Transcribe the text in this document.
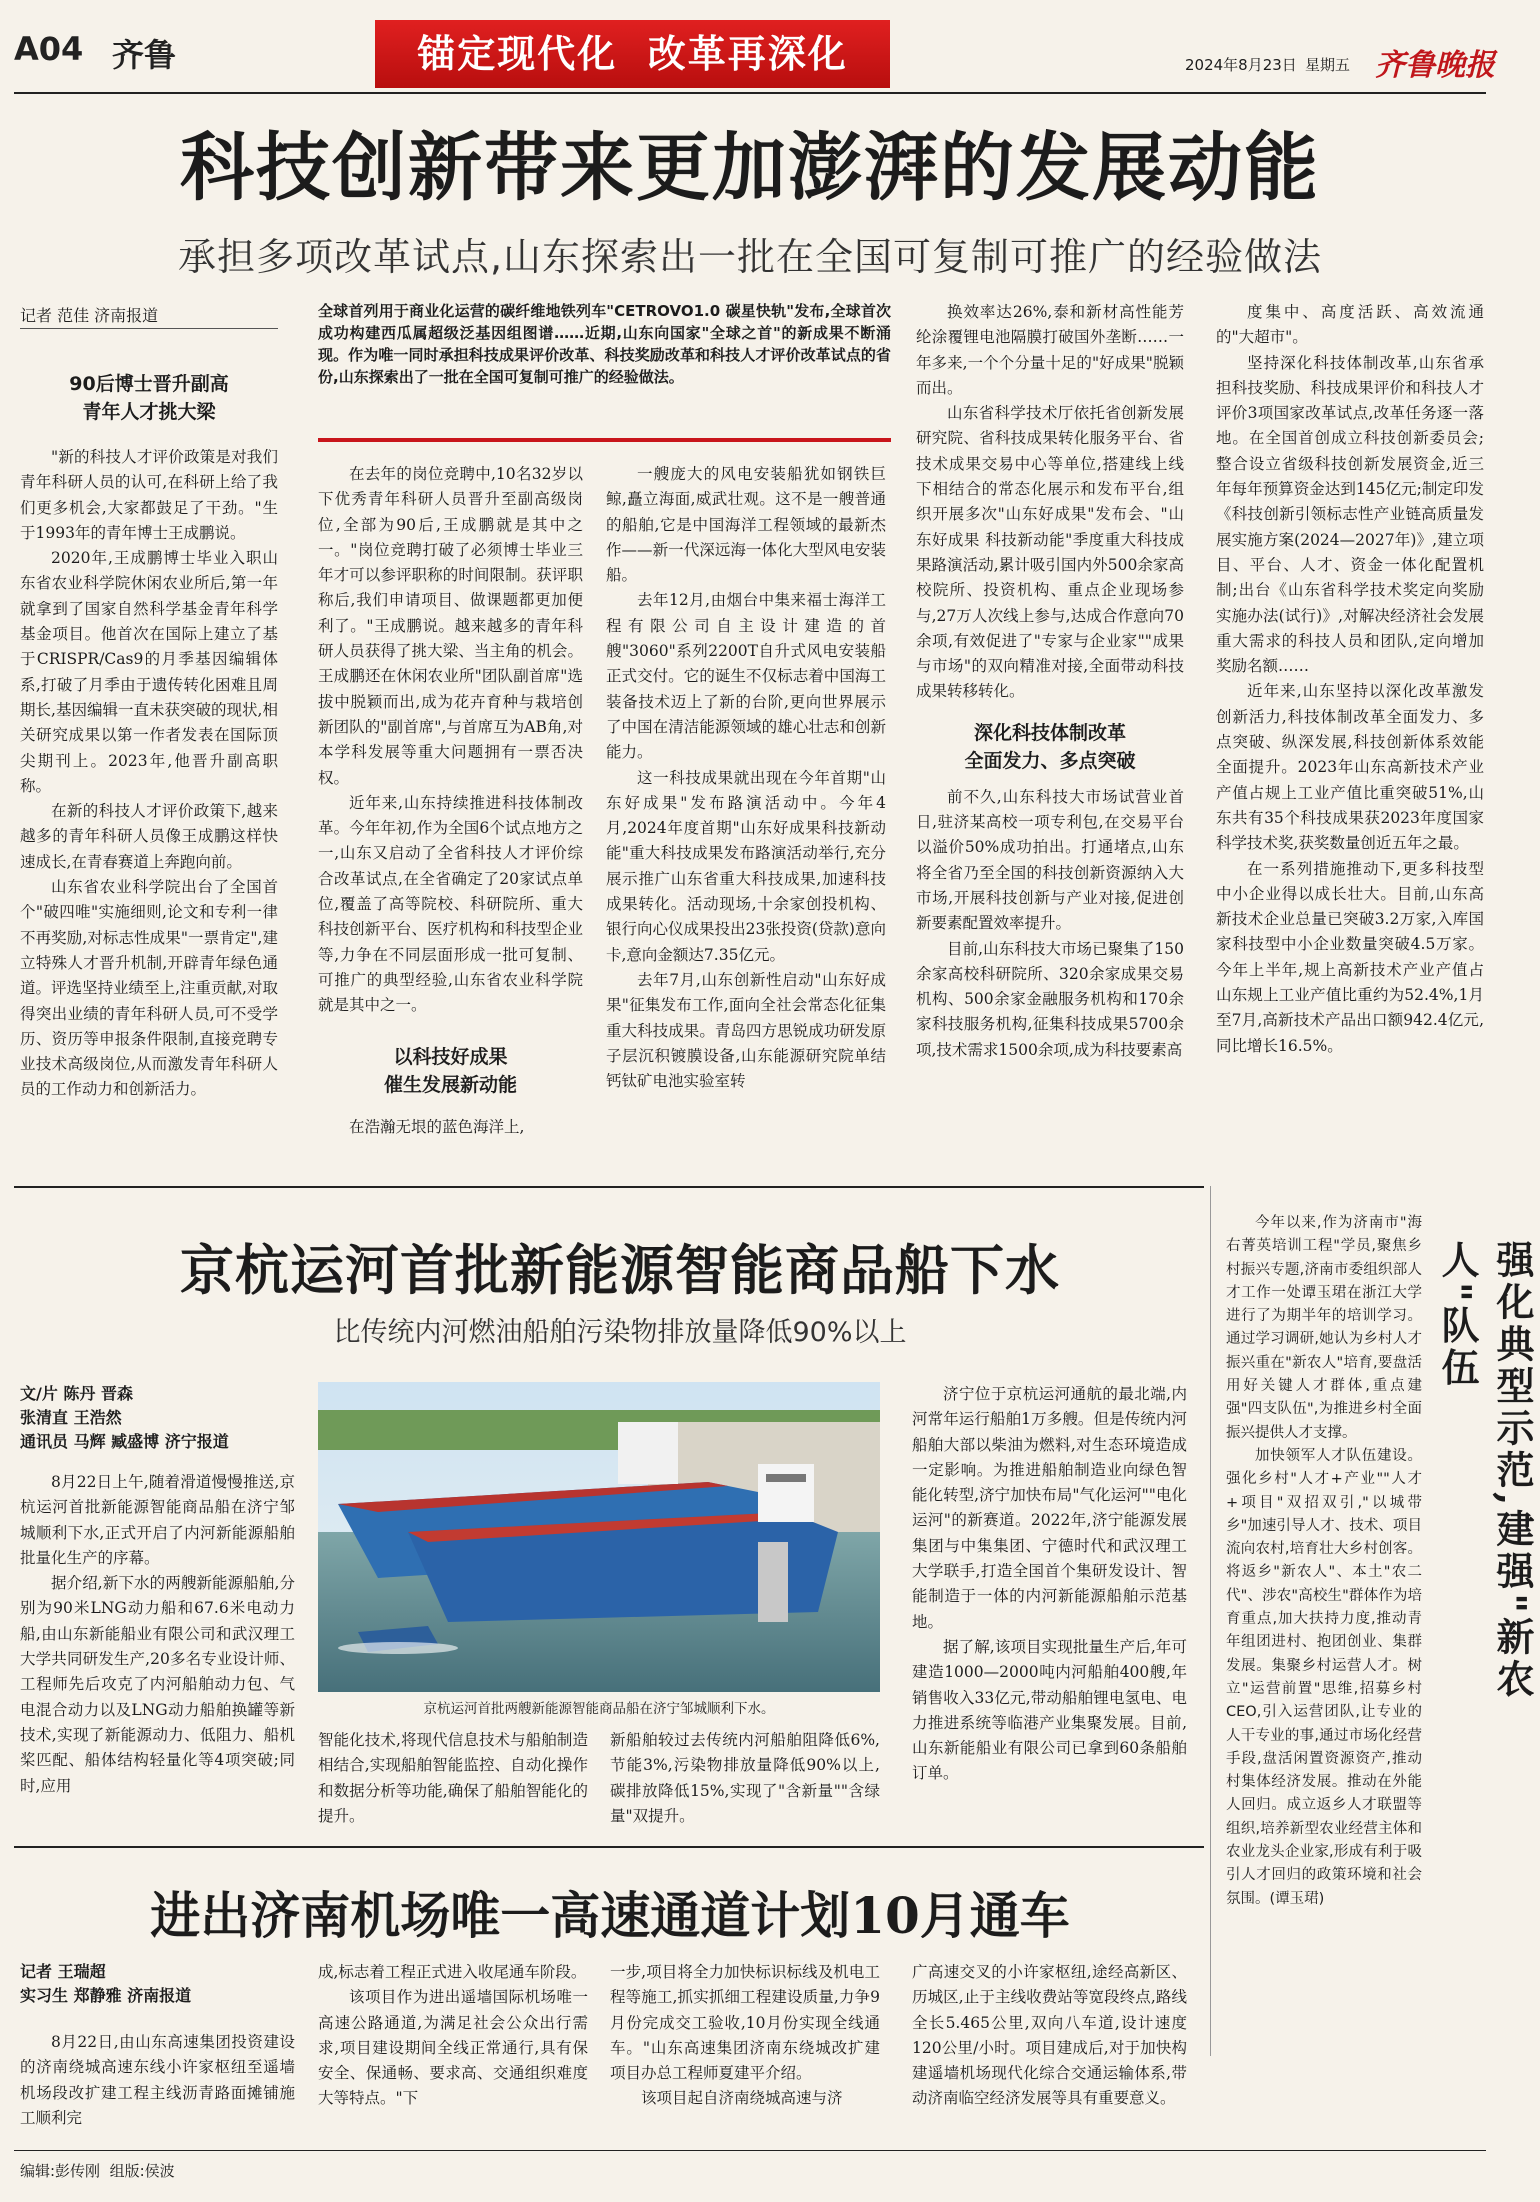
A04 齐鲁	锚定现代化  改革再深化	2024年8月23日 星期五 齐鲁晚报
科技创新带来更加澎湃的发展动能
承担多项改革试点,山东探索出一批在全国可复制可推广的经验做法
记者 范佳 济南报道
90后博士晋升副高
青年人才挑大梁

"新的科技人才评价政策是对我们青年科研人员的认可,在科研上给了我们更多机会,大家都鼓足了干劲。"生于1993年的青年博士王成鹏说。

2020年,王成鹏博士毕业入职山东省农业科学院休闲农业所后,第一年就拿到了国家自然科学基金青年科学基金项目。他首次在国际上建立了基于CRISPR/Cas9的月季基因编辑体系,打破了月季由于遗传转化困难且周期长,基因编辑一直未获突破的现状,相关研究成果以第一作者发表在国际顶尖期刊上。2023年,他晋升副高职称。

在新的科技人才评价政策下,越来越多的青年科研人员像王成鹏这样快速成长,在青春赛道上奔跑向前。

山东省农业科学院出台了全国首个"破四唯"实施细则,论文和专利一律不再奖励,对标志性成果"一票肯定",建立特殊人才晋升机制,开辟青年绿色通道。评选坚持业绩至上,注重贡献,对取得突出业绩的青年科研人员,可不受学历、资历等申报条件限制,直接竞聘专业技术高级岗位,从而激发青年科研人员的工作动力和创新活力。

全球首列用于商业化运营的碳纤维地铁列车"CETROVO1.0 碳星快轨"发布,全球首次成功构建西瓜属超级泛基因组图谱……近期,山东向国家"全球之首"的新成果不断涌现。作为唯一同时承担科技成果评价改革、科技奖励改革和科技人才评价改革试点的省份,山东探索出了一批在全国可复制可推广的经验做法。

在去年的岗位竞聘中,10名32岁以下优秀青年科研人员晋升至副高级岗位,全部为90后,王成鹏就是其中之一。"岗位竞聘打破了必须博士毕业三年才可以参评职称的时间限制。获评职称后,我们申请项目、做课题都更加便利了。"王成鹏说。越来越多的青年科研人员获得了挑大梁、当主角的机会。王成鹏还在休闲农业所"团队副首席"选拔中脱颖而出,成为花卉育种与栽培创新团队的"副首席",与首席互为AB角,对本学科发展等重大问题拥有一票否决权。

近年来,山东持续推进科技体制改革。今年年初,作为全国6个试点地方之一,山东又启动了全省科技人才评价综合改革试点,在全省确定了20家试点单位,覆盖了高等院校、科研院所、重大科技创新平台、医疗机构和科技型企业等,力争在不同层面形成一批可复制、可推广的典型经验,山东省农业科学院就是其中之一。

以科技好成果
催生发展新动能

在浩瀚无垠的蓝色海洋上,

一艘庞大的风电安装船犹如钢铁巨鲸,矗立海面,威武壮观。这不是一艘普通的船舶,它是中国海洋工程领域的最新杰作——新一代深远海一体化大型风电安装船。

去年12月,由烟台中集来福士海洋工程有限公司自主设计建造的首艘"3060"系列2200T自升式风电安装船正式交付。它的诞生不仅标志着中国海工装备技术迈上了新的台阶,更向世界展示了中国在清洁能源领域的雄心壮志和创新能力。

这一科技成果就出现在今年首期"山东好成果"发布路演活动中。今年4月,2024年度首期"山东好成果科技新动能"重大科技成果发布路演活动举行,充分展示推广山东省重大科技成果,加速科技成果转化。活动现场,十余家创投机构、银行向心仪成果投出23张投资(贷款)意向卡,意向金额达7.35亿元。

去年7月,山东创新性启动"山东好成果"征集发布工作,面向全社会常态化征集重大科技成果。青岛四方思锐成功研发原子层沉积镀膜设备,山东能源研究院单结钙钛矿电池实验室转

换效率达26%,泰和新材高性能芳纶涂覆锂电池隔膜打破国外垄断……一年多来,一个个分量十足的"好成果"脱颖而出。

山东省科学技术厅依托省创新发展研究院、省科技成果转化服务平台、省技术成果交易中心等单位,搭建线上线下相结合的常态化展示和发布平台,组织开展多次"山东好成果"发布会、"山东好成果 科技新动能"季度重大科技成果路演活动,累计吸引国内外500余家高校院所、投资机构、重点企业现场参与,27万人次线上参与,达成合作意向70余项,有效促进了"专家与企业家""成果与市场"的双向精准对接,全面带动科技成果转移转化。

深化科技体制改革
全面发力、多点突破

前不久,山东科技大市场试营业首日,驻济某高校一项专利包,在交易平台以溢价50%成功拍出。打通堵点,山东将全省乃至全国的科技创新资源纳入大市场,开展科技创新与产业对接,促进创新要素配置效率提升。

目前,山东科技大市场已聚集了150余家高校科研院所、320余家成果交易机构、500余家金融服务机构和170余家科技服务机构,征集科技成果5700余项,技术需求1500余项,成为科技要素高

度集中、高度活跃、高效流通的"大超市"。

坚持深化科技体制改革,山东省承担科技奖励、科技成果评价和科技人才评价3项国家改革试点,改革任务逐一落地。在全国首创成立科技创新委员会;整合设立省级科技创新发展资金,近三年每年预算资金达到145亿元;制定印发《科技创新引领标志性产业链高质量发展实施方案(2024—2027年)》,建立项目、平台、人才、资金一体化配置机制;出台《山东省科学技术奖定向奖励实施办法(试行)》,对解决经济社会发展重大需求的科技人员和团队,定向增加奖励名额……

近年来,山东坚持以深化改革激发创新活力,科技体制改革全面发力、多点突破、纵深发展,科技创新体系效能全面提升。2023年山东高新技术产业产值占规上工业产值比重突破51%,山东共有35个科技成果获2023年度国家科学技术奖,获奖数量创近五年之最。

在一系列措施推动下,更多科技型中小企业得以成长壮大。目前,山东高新技术企业总量已突破3.2万家,入库国家科技型中小企业数量突破4.5万家。今年上半年,规上高新技术产业产值占山东规上工业产值比重约为52.4%,1月至7月,高新技术产品出口额942.4亿元,同比增长16.5%。

京杭运河首批新能源智能商品船下水
比传统内河燃油船舶污染物排放量降低90%以上

文/片 陈丹 晋森

张清直 王浩然

通讯员 马辉 臧盛博 济宁报道

8月22日上午,随着滑道慢慢推送,京杭运河首批新能源智能商品船在济宁邹城顺利下水,正式开启了内河新能源船舶批量化生产的序幕。

据介绍,新下水的两艘新能源船舶,分别为90米LNG动力船和67.6米电动力船,由山东新能船业有限公司和武汉理工大学共同研发生产,20多名专业设计师、工程师先后攻克了内河船舶动力包、气电混合动力以及LNG动力船舶换罐等新技术,实现了新能源动力、低阻力、船机桨匹配、船体结构轻量化等4项突破;同时,应用

京杭运河首批两艘新能源智能商品船在济宁邹城顺利下水。

智能化技术,将现代信息技术与船舶制造相结合,实现船舶智能监控、自动化操作和数据分析等功能,确保了船舶智能化的提升。

新船舶较过去传统内河船舶阻降低6%,节能3%,污染物排放量降低90%以上,碳排放降低15%,实现了"含新量""含绿量"双提升。

济宁位于京杭运河通航的最北端,内河常年运行船舶1万多艘。但是传统内河船舶大部以柴油为燃料,对生态环境造成一定影响。为推进船舶制造业向绿色智能化转型,济宁加快布局"气化运河""电化运河"的新赛道。2022年,济宁能源发展集团与中集集团、宁德时代和武汉理工大学联手,打造全国首个集研发设计、智能制造于一体的内河新能源船舶示范基地。

据了解,该项目实现批量生产后,年可建造1000—2000吨内河船舶400艘,年销售收入33亿元,带动船舶锂电氢电、电力推进系统等临港产业集聚发展。目前,山东新能船业有限公司已拿到60条船舶订单。

强化典型示范,建强"新农人"队伍

今年以来,作为济南市"海右菁英培训工程"学员,聚焦乡村振兴专题,济南市委组织部人才工作一处谭玉珺在浙江大学进行了为期半年的培训学习。通过学习调研,她认为乡村人才振兴重在"新农人"培育,要盘活用好关键人才群体,重点建强"四支队伍",为推进乡村全面振兴提供人才支撑。

加快领军人才队伍建设。强化乡村"人才+产业""人才+项目"双招双引,"以城带乡"加速引导人才、技术、项目流向农村,培育壮大乡村创客。将返乡"新农人"、本土"农二代"、涉农"高校生"群体作为培育重点,加大扶持力度,推动青年组团进村、抱团创业、集群发展。集聚乡村运营人才。树立"运营前置"思维,招募乡村CEO,引入运营团队,让专业的人干专业的事,通过市场化经营手段,盘活闲置资源资产,推动村集体经济发展。推动在外能人回归。成立返乡人才联盟等组织,培养新型农业经营主体和农业龙头企业家,形成有利于吸引人才回归的政策环境和社会氛围。(谭玉珺)

进出济南机场唯一高速通道计划10月通车

记者 王瑞超

实习生 郑静雅 济南报道

8月22日,由山东高速集团投资建设的济南绕城高速东线小许家枢纽至遥墙机场段改扩建工程主线沥青路面摊铺施工顺利完

成,标志着工程正式进入收尾通车阶段。

该项目作为进出遥墙国际机场唯一高速公路通道,为满足社会公众出行需求,项目建设期间全线正常通行,具有保安全、保通畅、要求高、交通组织难度大等特点。"下

一步,项目将全力加快标识标线及机电工程等施工,抓实抓细工程建设质量,力争9月份完成交工验收,10月份实现全线通车。"山东高速集团济南东绕城改扩建项目办总工程师夏建平介绍。

该项目起自济南绕城高速与济

广高速交叉的小许家枢纽,途经高新区、历城区,止于主线收费站等宽段终点,路线全长5.465公里,双向八车道,设计速度120公里/小时。项目建成后,对于加快构建遥墙机场现代化综合交通运输体系,带动济南临空经济发展等具有重要意义。

编辑:彭传刚  组版:侯波
